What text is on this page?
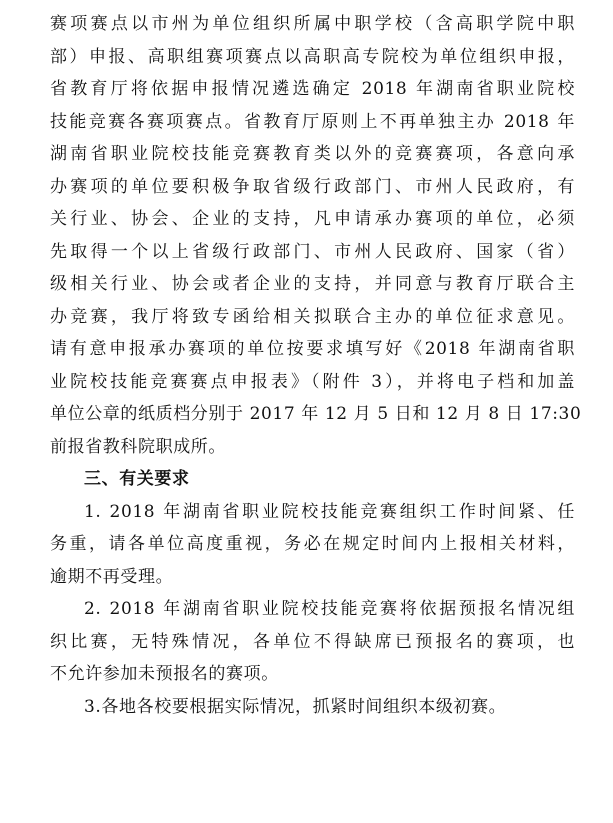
赛项赛点以市州为单位组织所属中职学校（含高职学院中职
部）申报、高职组赛项赛点以高职高专院校为单位组织申报，
省教育厅将依据申报情况遴选确定 2018 年湖南省职业院校
技能竞赛各赛项赛点。省教育厅原则上不再单独主办 2018 年
湖南省职业院校技能竞赛教育类以外的竞赛赛项，各意向承
办赛项的单位要积极争取省级行政部门、市州人民政府，有
关行业、协会、企业的支持，凡申请承办赛项的单位，必须
先取得一个以上省级行政部门、市州人民政府、国家（省）
级相关行业、协会或者企业的支持，并同意与教育厅联合主
办竞赛，我厅将致专函给相关拟联合主办的单位征求意见。
请有意申报承办赛项的单位按要求填写好《2018 年湖南省职
业院校技能竞赛赛点申报表》（附件 3），并将电子档和加盖
单位公章的纸质档分别于 2017 年 12 月 5 日和 12 月 8 日 17:30
前报省教科院职成所。
三、有关要求
1. 2018 年湖南省职业院校技能竞赛组织工作时间紧、任
务重，请各单位高度重视，务必在规定时间内上报相关材料，
逾期不再受理。
2. 2018 年湖南省职业院校技能竞赛将依据预报名情况组
织比赛，无特殊情况，各单位不得缺席已预报名的赛项，也
不允许参加未预报名的赛项。
3.各地各校要根据实际情况，抓紧时间组织本级初赛。
